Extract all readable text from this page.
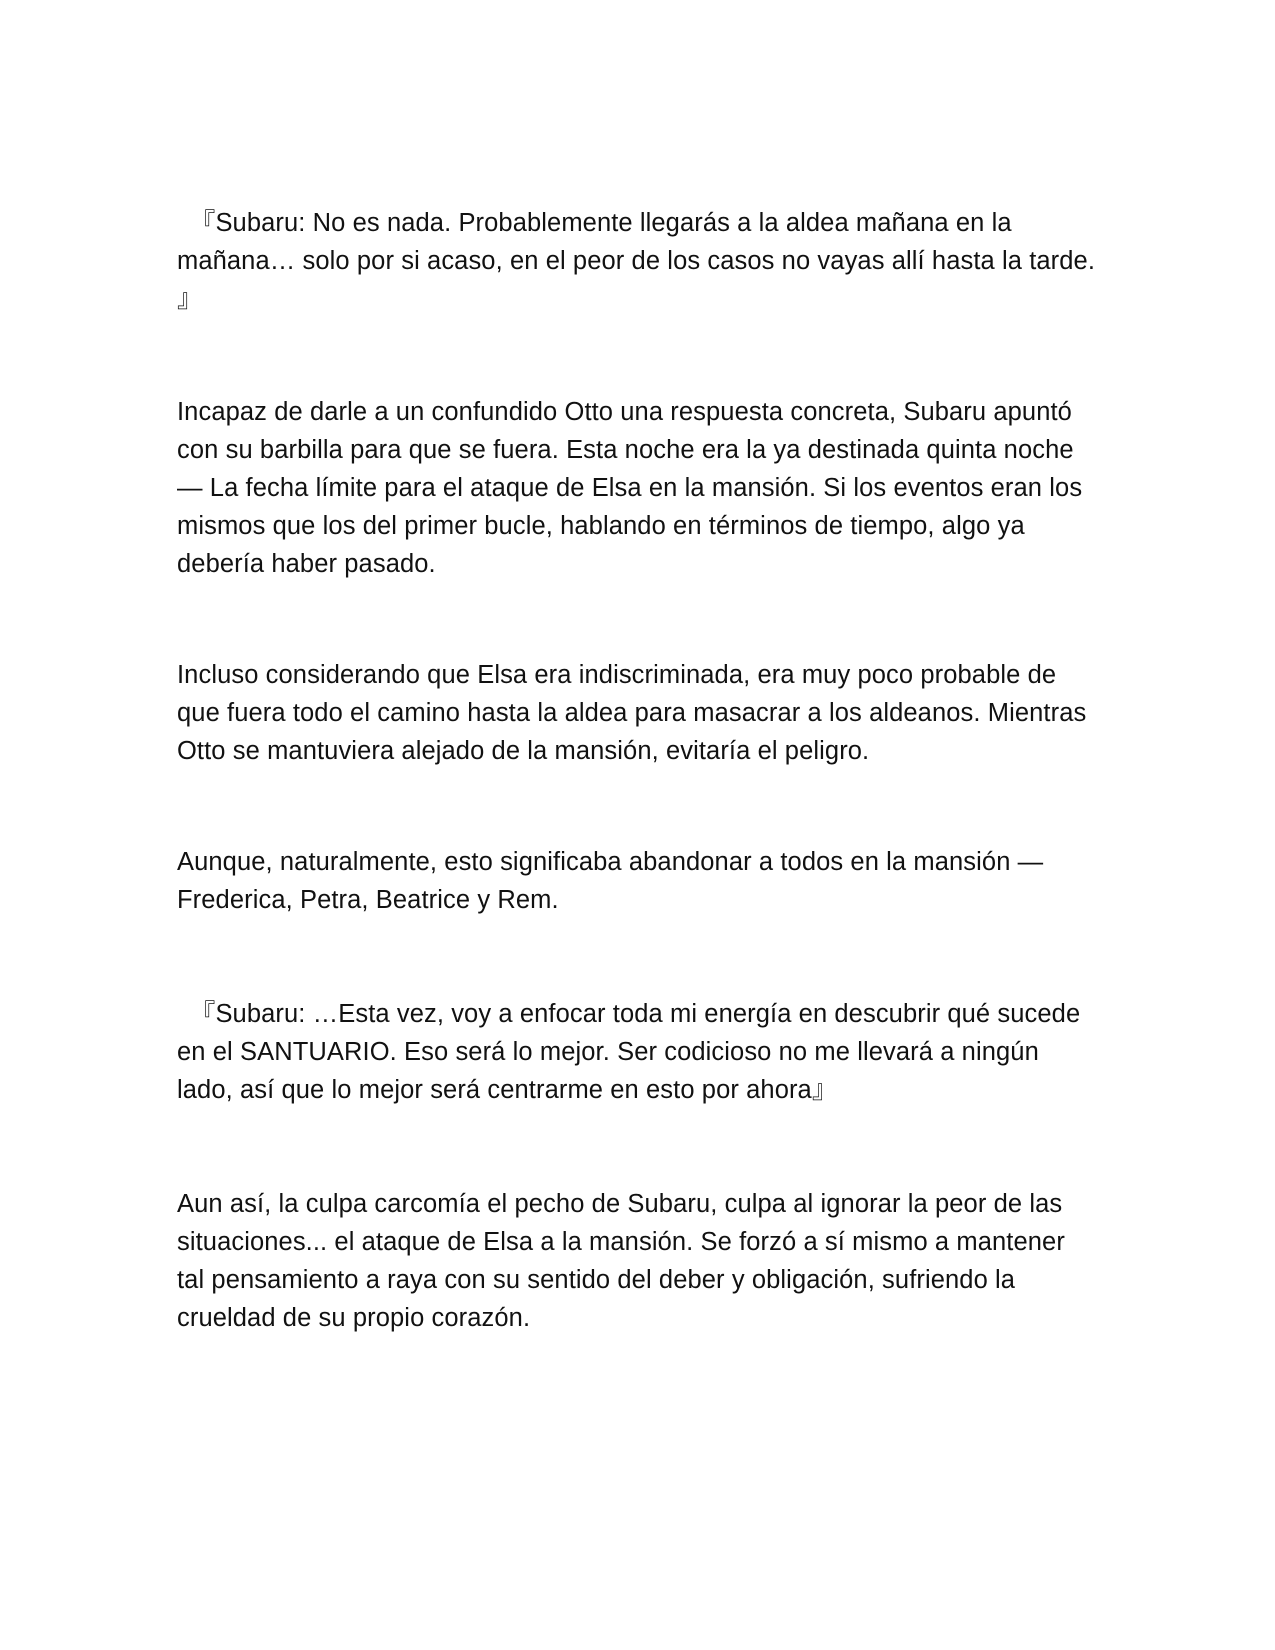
　『Subaru: No es nada. Probablemente llegarás a la aldea mañana en la mañana… solo por si acaso, en el peor de los casos no vayas allí hasta la tarde. 』

Incapaz de darle a un confundido Otto una respuesta concreta, Subaru apuntó con su barbilla para que se fuera. Esta noche era la ya destinada quinta noche — La fecha límite para el ataque de Elsa en la mansión. Si los eventos eran los mismos que los del primer bucle, hablando en términos de tiempo, algo ya debería haber pasado.

Incluso considerando que Elsa era indiscriminada, era muy poco probable de que fuera todo el camino hasta la aldea para masacrar a los aldeanos. Mientras Otto se mantuviera alejado de la mansión, evitaría el peligro.

Aunque, naturalmente, esto significaba abandonar a todos en la mansión — Frederica, Petra, Beatrice y Rem.

　『Subaru: …Esta vez, voy a enfocar toda mi energía en descubrir qué sucede en el SANTUARIO. Eso será lo mejor. Ser codicioso no me llevará a ningún lado, así que lo mejor será centrarme en esto por ahora』

Aun así, la culpa carcomía el pecho de Subaru, culpa al ignorar la peor de las situaciones... el ataque de Elsa a la mansión. Se forzó a sí mismo a mantener tal pensamiento a raya con su sentido del deber y obligación, sufriendo la crueldad de su propio corazón.
